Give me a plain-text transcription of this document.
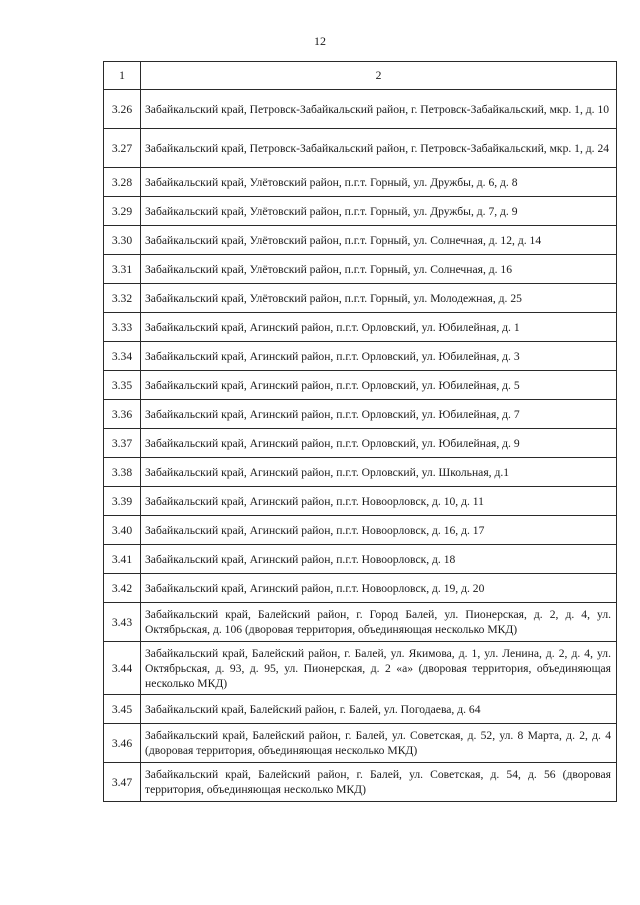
12
1	2
3.26	Забайкальский край, Петровск-Забайкальский район, г. Петровск-Забайкальский, мкр. 1, д. 10
3.27	Забайкальский край, Петровск-Забайкальский район, г. Петровск-Забайкальский, мкр. 1, д. 24
3.28	Забайкальский край, Улётовский район, п.г.т. Горный, ул. Дружбы, д. 6, д. 8
3.29	Забайкальский край, Улётовский район, п.г.т. Горный, ул. Дружбы, д. 7, д. 9
3.30	Забайкальский край, Улётовский район, п.г.т. Горный, ул. Солнечная, д. 12, д. 14
3.31	Забайкальский край, Улётовский район, п.г.т. Горный, ул. Солнечная, д. 16
3.32	Забайкальский край, Улётовский район, п.г.т. Горный, ул. Молодежная, д. 25
3.33	Забайкальский край, Агинский район, п.г.т. Орловский, ул. Юбилейная, д. 1
3.34	Забайкальский край, Агинский район, п.г.т. Орловский, ул. Юбилейная, д. 3
3.35	Забайкальский край, Агинский район, п.г.т. Орловский, ул. Юбилейная, д. 5
3.36	Забайкальский край, Агинский район, п.г.т. Орловский, ул. Юбилейная, д. 7
3.37	Забайкальский край, Агинский район, п.г.т. Орловский, ул. Юбилейная, д. 9
3.38	Забайкальский край, Агинский район, п.г.т. Орловский, ул. Школьная, д.1
3.39	Забайкальский край, Агинский район, п.г.т. Новоорловск, д. 10, д. 11
3.40	Забайкальский край, Агинский район, п.г.т. Новоорловск, д. 16, д. 17
3.41	Забайкальский край, Агинский район, п.г.т. Новоорловск, д. 18
3.42	Забайкальский край, Агинский район, п.г.т. Новоорловск, д. 19, д. 20
3.43	Забайкальский край, Балейский район, г. Город Балей, ул. Пионерская, д. 2, д. 4, ул. Октябрьская, д. 106 (дворовая территория, объединяющая несколько МКД)
3.44	Забайкальский край, Балейский район, г. Балей, ул. Якимова, д. 1, ул. Ленина, д. 2, д. 4, ул. Октябрьская, д. 93, д. 95, ул. Пионерская, д. 2 «а» (дворовая территория, объединяющая несколько МКД)
3.45	Забайкальский край, Балейский район, г. Балей, ул. Погодаева, д. 64
3.46	Забайкальский край, Балейский район, г. Балей, ул. Советская, д. 52, ул. 8 Марта, д. 2, д. 4 (дворовая территория, объединяющая несколько МКД)
3.47	Забайкальский край, Балейский район, г. Балей, ул. Советская, д. 54, д. 56 (дворовая территория, объединяющая несколько МКД)
